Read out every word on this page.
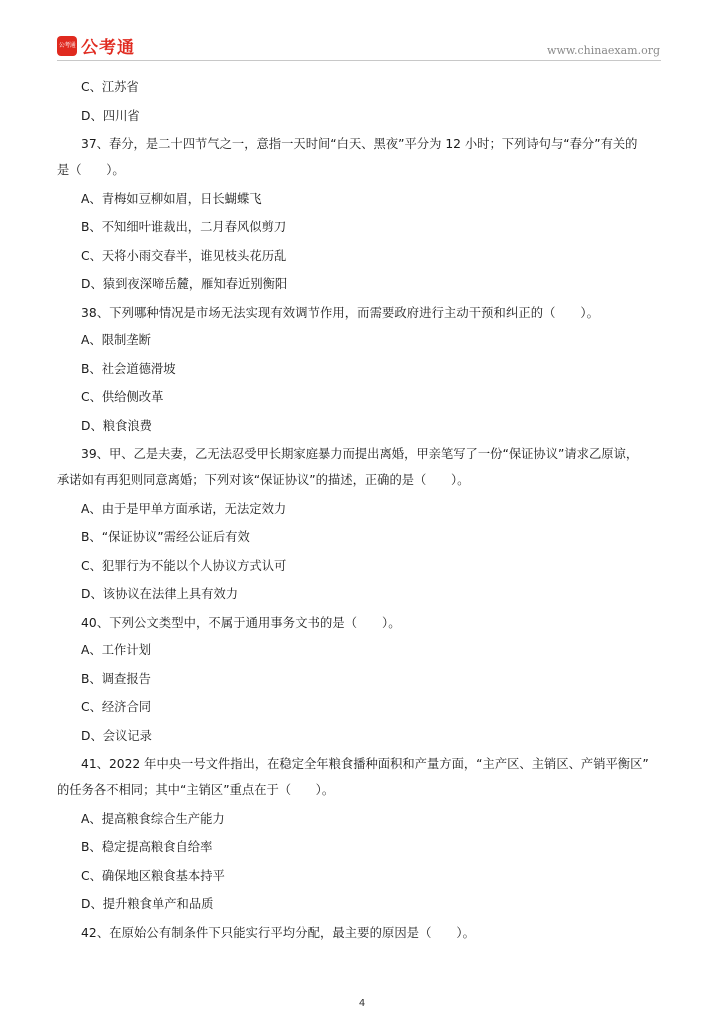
公考通 公考通	www.chinaexam.org
C、江苏省
D、四川省
37、春分，是二十四节气之一，意指一天时间“白天、黑夜”平分为 12 小时；下列诗句与“春分”有关的
是（　　）。
A、青梅如豆柳如眉，日长蝴蝶飞
B、不知细叶谁裁出，二月春风似剪刀
C、天将小雨交春半，谁见枝头花历乱
D、猿到夜深啼岳麓，雁知春近别衡阳
38、下列哪种情况是市场无法实现有效调节作用，而需要政府进行主动干预和纠正的（　　）。
A、限制垄断
B、社会道德滑坡
C、供给侧改革
D、粮食浪费
39、甲、乙是夫妻，乙无法忍受甲长期家庭暴力而提出离婚，甲亲笔写了一份“保证协议”请求乙原谅，
承诺如有再犯则同意离婚；下列对该“保证协议”的描述，正确的是（　　）。
A、由于是甲单方面承诺，无法定效力
B、“保证协议”需经公证后有效
C、犯罪行为不能以个人协议方式认可
D、该协议在法律上具有效力
40、下列公文类型中，不属于通用事务文书的是（　　）。
A、工作计划
B、调查报告
C、经济合同
D、会议记录
41、2022 年中央一号文件指出，在稳定全年粮食播种面积和产量方面，“主产区、主销区、产销平衡区”
的任务各不相同；其中“主销区”重点在于（　　）。
A、提高粮食综合生产能力
B、稳定提高粮食自给率
C、确保地区粮食基本持平
D、提升粮食单产和品质
42、在原始公有制条件下只能实行平均分配，最主要的原因是（　　）。
4
